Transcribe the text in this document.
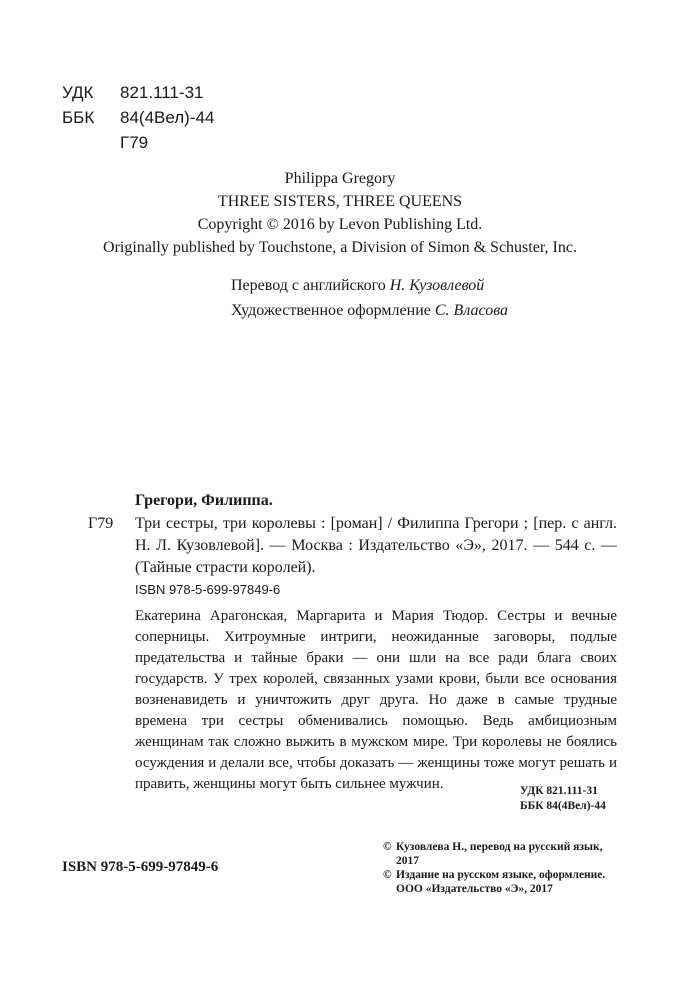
УДК	821.111-31
ББК	84(4Вел)-44
Г79
Philippa Gregory
THREE SISTERS, THREE QUEENS
Copyright © 2016 by Levon Publishing Ltd.
Originally published by Touchstone, a Division of Simon & Schuster, Inc.
Перевод с английского Н. Кузовлевой
Художественное оформление С. Власова
Грегори, Филиппа.
Г79 Три сестры, три королевы : [роман] / Филиппа Грегори ; [пер. с англ. Н. Л. Кузовлевой]. — Москва : Издательство «Э», 2017. — 544 с. — (Тайные страсти королей).
ISBN 978-5-699-97849-6
Екатерина Арагонская, Маргарита и Мария Тюдор. Сестры и вечные соперницы. Хитроумные интриги, неожиданные заговоры, подлые предательства и тайные браки — они шли на все ради блага своих государств. У трех королей, связанных узами крови, были все основания возненавидеть и уничтожить друг друга. Но даже в самые трудные времена три сестры обменивались помощью. Ведь амбициозным женщинам так сложно выжить в мужском мире. Три королевы не боялись осуждения и делали все, чтобы доказать — женщины тоже могут решать и править, женщины могут быть сильнее мужчин.	УДК 821.111-31
ББК 84(4Вел)-44
© Кузовлева Н., перевод на русский язык, 2017
© Издание на русском языке, оформление. ООО «Издательство «Э», 2017
ISBN 978-5-699-97849-6
